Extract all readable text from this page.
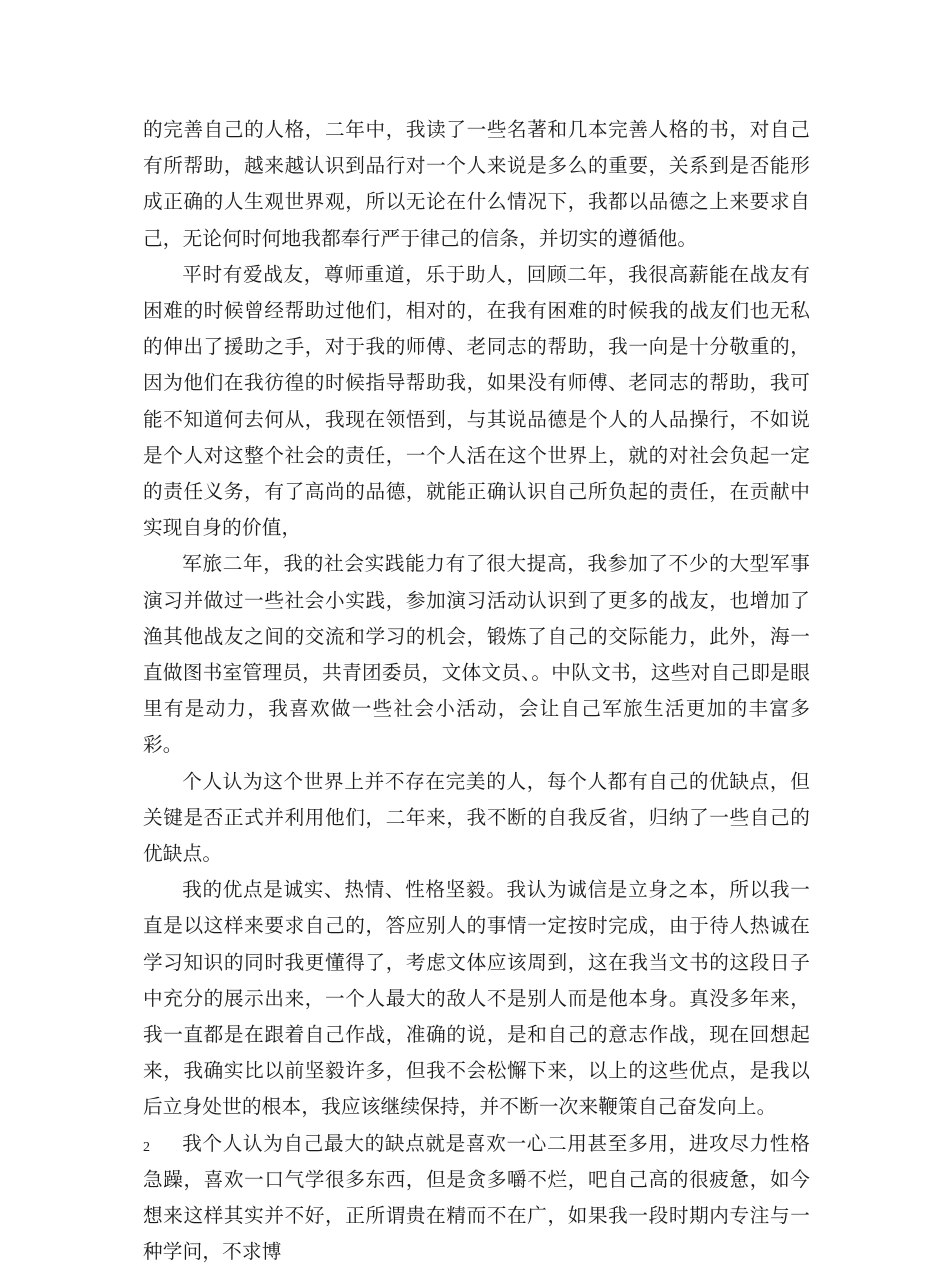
的完善自己的人格，二年中，我读了一些名著和几本完善人格的书，对自己有所帮助，越来越认识到品行对一个人来说是多么的重要，关系到是否能形成正确的人生观世界观，所以无论在什么情况下，我都以品德之上来要求自己，无论何时何地我都奉行严于律己的信条，并切实的遵循他。

平时有爱战友，尊师重道，乐于助人，回顾二年，我很高薪能在战友有困难的时候曾经帮助过他们，相对的，在我有困难的时候我的战友们也无私的伸出了援助之手，对于我的师傅、老同志的帮助，我一向是十分敬重的，因为他们在我彷徨的时候指导帮助我，如果没有师傅、老同志的帮助，我可能不知道何去何从，我现在领悟到，与其说品德是个人的人品操行，不如说是个人对这整个社会的责任，一个人活在这个世界上，就的对社会负起一定的责任义务，有了高尚的品德，就能正确认识自己所负起的责任，在贡献中实现自身的价值，

军旅二年，我的社会实践能力有了很大提高，我参加了不少的大型军事演习并做过一些社会小实践，参加演习活动认识到了更多的战友，也增加了渔其他战友之间的交流和学习的机会，锻炼了自己的交际能力，此外，海一直做图书室管理员，共青团委员，文体文员、。中队文书，这些对自己即是眼里有是动力，我喜欢做一些社会小活动，会让自己军旅生活更加的丰富多彩。

个人认为这个世界上并不存在完美的人，每个人都有自己的优缺点，但关键是否正式并利用他们，二年来，我不断的自我反省，归纳了一些自己的优缺点。

我的优点是诚实、热情、性格坚毅。我认为诚信是立身之本，所以我一直是以这样来要求自己的，答应别人的事情一定按时完成，由于待人热诚在学习知识的同时我更懂得了，考虑文体应该周到，这在我当文书的这段日子中充分的展示出来，一个人最大的敌人不是别人而是他本身。真没多年来，我一直都是在跟着自己作战，准确的说，是和自己的意志作战，现在回想起来，我确实比以前坚毅许多，但我不会松懈下来，以上的这些优点，是我以后立身处世的根本，我应该继续保持，并不断一次来鞭策自己奋发向上。

我个人认为自己最大的缺点就是喜欢一心二用甚至多用，进攻尽力性格急躁，喜欢一口气学很多东西，但是贪多嚼不烂，吧自己高的很疲惫，如今想来这样其实并不好，正所谓贵在精而不在广，如果我一段时期内专注与一种学问，不求博

2
